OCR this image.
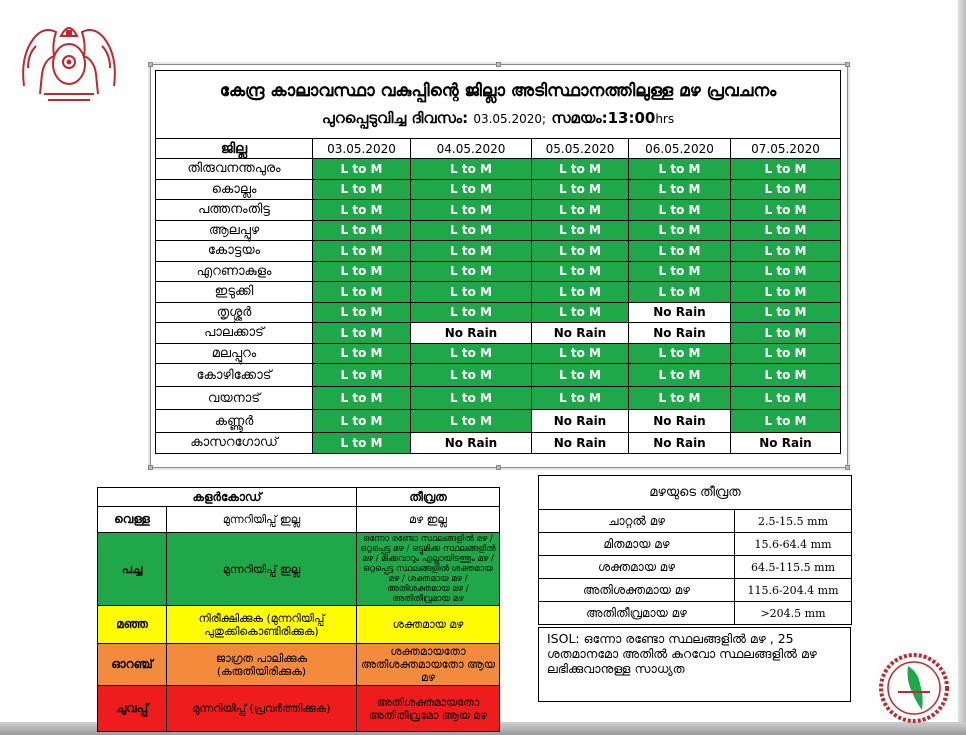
കേന്ദ്ര കാലാവസ്ഥാ വകുപ്പിന്റെ ജില്ലാ അടിസ്ഥാനത്തിലുള്ള മഴ പ്രവചനം
പുറപ്പെടുവിച്ച ദിവസം: 03.05.2020; സമയം:13:00hrs					

ജില്ല	03.05.2020	04.05.2020	05.05.2020	06.05.2020	07.05.2020
തിരുവനന്തപുരം	L to M	L to M	L to M	L to M	L to M
കൊല്ലം	L to M	L to M	L to M	L to M	L to M
പത്തനംതിട്ട	L to M	L to M	L to M	L to M	L to M
ആലപ്പുഴ	L to M	L to M	L to M	L to M	L to M
കോട്ടയം	L to M	L to M	L to M	L to M	L to M
എറണാകുളം	L to M	L to M	L to M	L to M	L to M
ഇടുക്കി	L to M	L to M	L to M	L to M	L to M
തൃശ്ശൂർ	L to M	L to M	L to M	No Rain	L to M
പാലക്കാട്	L to M	No Rain	No Rain	No Rain	L to M
മലപ്പുറം	L to M	L to M	L to M	L to M	L to M
കോഴിക്കോട്	L to M	L to M	L to M	L to M	L to M
വയനാട്	L to M	L to M	L to M	L to M	L to M
കണ്ണൂർ	L to M	L to M	No Rain	No Rain	L to M
കാസറഗോഡ്	L to M	No Rain	No Rain	No Rain	No Rain
കളർകോഡ്		തീവ്രത
വെള്ള	മുന്നറിയിപ്പ് ഇല്ല	മഴ ഇല്ല
പച്ച	മുന്നറിയിപ്പ് ഇല്ല	ഒന്നോ രണ്ടോ സ്ഥലങ്ങളിൽ മഴ / ഒറ്റപ്പെട്ട മഴ / ഒട്ടുമിക്ക സ്ഥലങ്ങളിൽ മഴ / മിക്കവാറും എല്ലായിടത്തും മഴ / ഒറ്റപ്പെട്ട സ്ഥലങ്ങളിൽ ശക്തമായ മഴ / ശക്തമായ മഴ / അതിശക്തമായ മഴ / അതിതീവ്രമായ മഴ
മഞ്ഞ	നിരീക്ഷിക്കുക (മുന്നറിയിപ്പ് പുതുക്കികൊണ്ടിരിക്കുക)	ശക്തമായ മഴ
ഓറഞ്ച്	ജാഗ്രത പാലിക്കുക (കരുതിയിരിക്കുക)	ശക്തമായതോ അതിശക്തമായതോ ആയ മഴ
ചുവപ്പ്	മുന്നറിയിപ്പ് (പ്രവർത്തിക്കുക)	അതിശക്തമായതോ അതിതീവ്രമോ ആയ മഴ
മഴയുടെ തീവ്രത	
ചാറ്റൽ മഴ	2.5-15.5 mm
മിതമായ മഴ	15.6-64.4 mm
ശക്തമായ മഴ	64.5-115.5 mm
അതിശക്തമായ മഴ	115.6-204.4 mm
അതിതീവ്രമായ മഴ	>204.5 mm
ISOL: ഒന്നോ രണ്ടോ സ്ഥലങ്ങളിൽ മഴ , 25 ശതമാനമോ അതിൽ കുറവോ സ്ഥലങ്ങളിൽ മഴ ലഭിക്കുവാനുള്ള സാധ്യത
